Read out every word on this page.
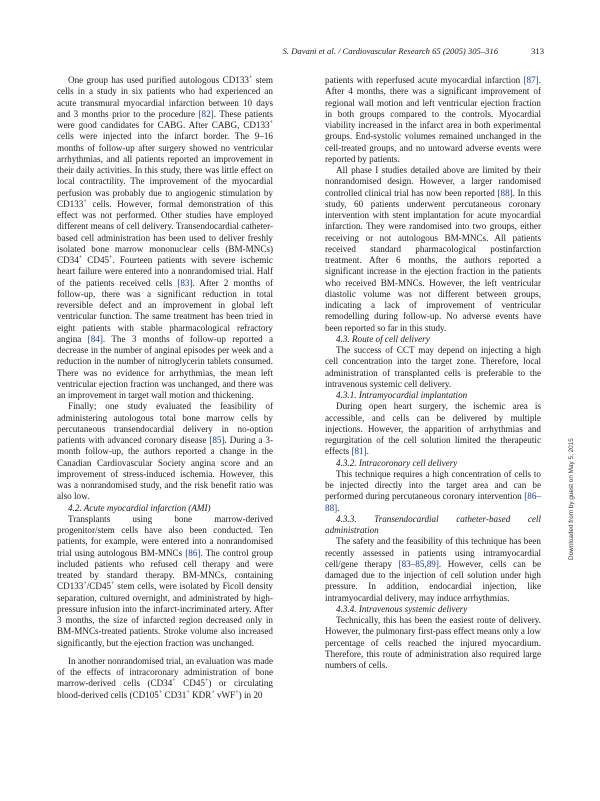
S. Davani et al. / Cardiovascular Research 65 (2005) 305–316	313

One group has used purified autologous CD133+ stem cells in a study in six patients who had experienced an acute transmural myocardial infarction between 10 days and 3 months prior to the procedure [82]. These patients were good candidates for CABG. After CABG, CD133+ cells were injected into the infarct border. The 9–16 months of follow-up after surgery showed no ventricular arrhythmias, and all patients reported an improvement in their daily activities. In this study, there was little effect on local contractility. The improvement of the myocardial perfusion was probably due to angiogenic stimulation by CD133+ cells. However, formal demonstration of this effect was not performed. Other studies have employed different means of cell delivery. Transendocardial catheter-based cell administration has been used to deliver freshly isolated bone marrow mononuclear cells (BM-MNCs) CD34+ CD45+. Fourteen patients with severe ischemic heart failure were entered into a nonrandomised trial. Half of the patients received cells [83]. After 2 months of follow-up, there was a significant reduction in total reversible defect and an improvement in global left ventricular function. The same treatment has been tried in eight patients with stable pharmacological refractory angina [84]. The 3 months of follow-up reported a decrease in the number of anginal episodes per week and a reduction in the number of nitroglycerin tablets consumed. There was no evidence for arrhythmias, the mean left ventricular ejection fraction was unchanged, and there was an improvement in target wall motion and thickening.

Finally; one study evaluated the feasibility of administering autologous total bone marrow cells by percutaneous transendocardial delivery in no-option patients with advanced coronary disease [85]. During a 3-month follow-up, the authors reported a change in the Canadian Cardiovascular Society angina score and an improvement of stress-induced ischemia. However, this was a nonrandomised study, and the risk benefit ratio was also low.

4.2. Acute myocardial infarction (AMI)

Transplants using bone marrow-derived progenitor/stem cells have also been conducted. Ten patients, for example, were entered into a nonrandomised trial using autologous BM-MNCs [86]. The control group included patients who refused cell therapy and were treated by standard therapy. BM-MNCs, containing CD133+/CD45+ stem cells, were isolated by Ficoll density separation, cultured overnight, and administrated by high-pressure infusion into the infarct-incriminated artery. After 3 months, the size of infarcted region decreased only in BM-MNCs-treated patients. Stroke volume also increased significantly, but the ejection fraction was unchanged.

In another nonrandomised trial, an evaluation was made of the effects of intracoronary administration of bone marrow-derived cells (CD34+ CD45+) or circulating blood-derived cells (CD105+ CD31+ KDR+ vWF+) in 20

patients with reperfused acute myocardial infarction [87]. After 4 months, there was a significant improvement of regional wall motion and left ventricular ejection fraction in both groups compared to the controls. Myocardial viability increased in the infarct area in both experimental groups. End-systolic volumes remained unchanged in the cell-treated groups, and no untoward adverse events were reported by patients.

All phase I studies detailed above are limited by their nonrandomised design. However, a larger randomised controlled clinical trial has now been reported [88]. In this study, 60 patients underwent percutaneous coronary intervention with stent implantation for acute myocardial infarction. They were randomised into two groups, either receiving or not autologous BM-MNCs. All patients received standard pharmacological postinfarction treatment. After 6 months, the authors reported a significant increase in the ejection fraction in the patients who received BM-MNCs. However, the left ventricular diastolic volume was not different between groups, indicating a lack of improvement of ventricular remodelling during follow-up. No adverse events have been reported so far in this study.

4.3. Route of cell delivery

The success of CCT may depend on injecting a high cell concentration into the target zone. Therefore, local administration of transplanted cells is preferable to the intravenous systemic cell delivery.

4.3.1. Intramyocardial implantation

During open heart surgery, the ischemic area is accessible, and cells can be delivered by multiple injections. However, the apparition of arrhythmias and regurgitation of the cell solution limited the therapeutic effects [81].

4.3.2. Intracoronary cell delivery

This technique requires a high concentration of cells to be injected directly into the target area and can be performed during percutaneous coronary intervention [86–88].

4.3.3. Transendocardial catheter-based cell administration

The safety and the feasibility of this technique has been recently assessed in patients using intramyocardial cell/gene therapy [83–85,89]. However, cells can be damaged due to the injection of cell solution under high pressure. In addition, endocardial injection, like intramyocardial delivery, may induce arrhythmias.

4.3.4. Intravenous systemic delivery

Technically, this has been the easiest route of delivery. However, the pulmonary first-pass effect means only a low percentage of cells reached the injured myocardium. Therefore, this route of administration also required large numbers of cells.

Downloaded from by guest on May 5, 2015
